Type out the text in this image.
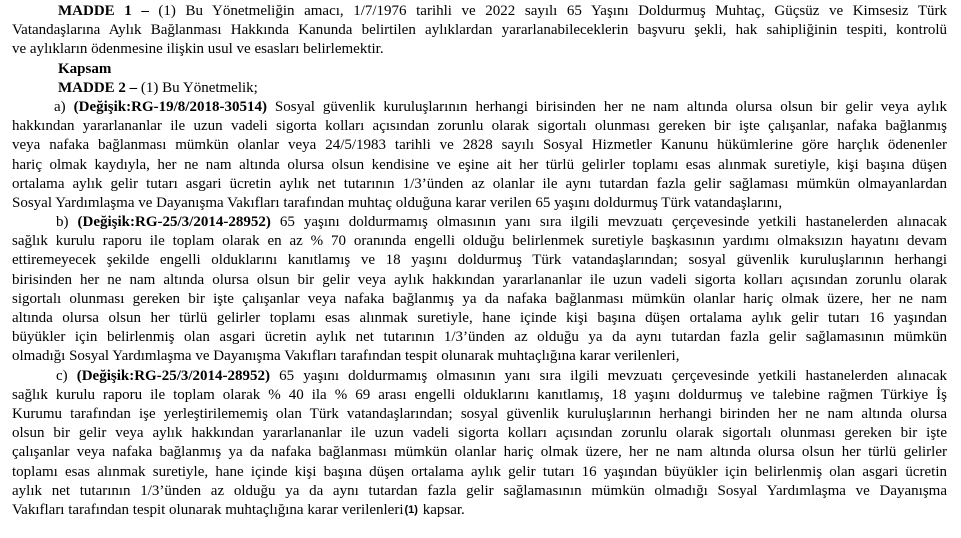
MADDE 1 – (1) Bu Yönetmeliğin amacı, 1/7/1976 tarihli ve 2022 sayılı 65 Yaşını Doldurmuş Muhtaç, Güçsüz ve Kimsesiz Türk
Vatandaşlarına Aylık Bağlanması Hakkında Kanunda belirtilen aylıklardan yararlanabileceklerin başvuru şekli, hak sahipliğinin tespiti, kontrolü
ve aylıkların ödenmesine ilişkin usul ve esasları belirlemektir.
Kapsam
MADDE 2 – (1) Bu Yönetmelik;
a) (Değişik:RG-19/8/2018-30514) Sosyal güvenlik kuruluşlarının herhangi birisinden her ne nam altında olursa olsun bir gelir veya aylık
hakkından yararlananlar ile uzun vadeli sigorta kolları açısından zorunlu olarak sigortalı olunması gereken bir işte çalışanlar, nafaka bağlanmış
veya nafaka bağlanması mümkün olanlar veya 24/5/1983 tarihli ve 2828 sayılı Sosyal Hizmetler Kanunu hükümlerine göre harçlık ödenenler
hariç olmak kaydıyla, her ne nam altında olursa olsun kendisine ve eşine ait her türlü gelirler toplamı esas alınmak suretiyle, kişi başına düşen
ortalama aylık gelir tutarı asgari ücretin aylık net tutarının 1/3’ünden az olanlar ile aynı tutardan fazla gelir sağlaması mümkün olmayanlardan
Sosyal Yardımlaşma ve Dayanışma Vakıfları tarafından muhtaç olduğuna karar verilen 65 yaşını doldurmuş Türk vatandaşlarını,
b) (Değişik:RG-25/3/2014-28952) 65 yaşını doldurmamış olmasının yanı sıra ilgili mevzuatı çerçevesinde yetkili hastanelerden alınacak
sağlık kurulu raporu ile toplam olarak en az % 70 oranında engelli olduğu belirlenmek suretiyle başkasının yardımı olmaksızın hayatını devam
ettiremeyecek şekilde engelli olduklarını kanıtlamış ve 18 yaşını doldurmuş Türk vatandaşlarından; sosyal güvenlik kuruluşlarının herhangi
birisinden her ne nam altında olursa olsun bir gelir veya aylık hakkından yararlananlar ile uzun vadeli sigorta kolları açısından zorunlu olarak
sigortalı olunması gereken bir işte çalışanlar veya nafaka bağlanmış ya da nafaka bağlanması mümkün olanlar hariç olmak üzere, her ne nam
altında olursa olsun her türlü gelirler toplamı esas alınmak suretiyle, hane içinde kişi başına düşen ortalama aylık gelir tutarı 16 yaşından
büyükler için belirlenmiş olan asgari ücretin aylık net tutarının 1/3’ünden az olduğu ya da aynı tutardan fazla gelir sağlamasının mümkün
olmadığı Sosyal Yardımlaşma ve Dayanışma Vakıfları tarafından tespit olunarak muhtaçlığına karar verilenleri,
c) (Değişik:RG-25/3/2014-28952) 65 yaşını doldurmamış olmasının yanı sıra ilgili mevzuatı çerçevesinde yetkili hastanelerden alınacak
sağlık kurulu raporu ile toplam olarak % 40 ila % 69 arası engelli olduklarını kanıtlamış, 18 yaşını doldurmuş ve talebine rağmen Türkiye İş
Kurumu tarafından işe yerleştirilememiş olan Türk vatandaşlarından; sosyal güvenlik kuruluşlarının herhangi birinden her ne nam altında olursa
olsun bir gelir veya aylık hakkından yararlananlar ile uzun vadeli sigorta kolları açısından zorunlu olarak sigortalı olunması gereken bir işte
çalışanlar veya nafaka bağlanmış ya da nafaka bağlanması mümkün olanlar hariç olmak üzere, her ne nam altında olursa olsun her türlü gelirler
toplamı esas alınmak suretiyle, hane içinde kişi başına düşen ortalama aylık gelir tutarı 16 yaşından büyükler için belirlenmiş olan asgari ücretin
aylık net tutarının 1/3’ünden az olduğu ya da aynı tutardan fazla gelir sağlamasının mümkün olmadığı Sosyal Yardımlaşma ve Dayanışma
Vakıfları tarafından tespit olunarak muhtaçlığına karar verilenleri(1) kapsar.
